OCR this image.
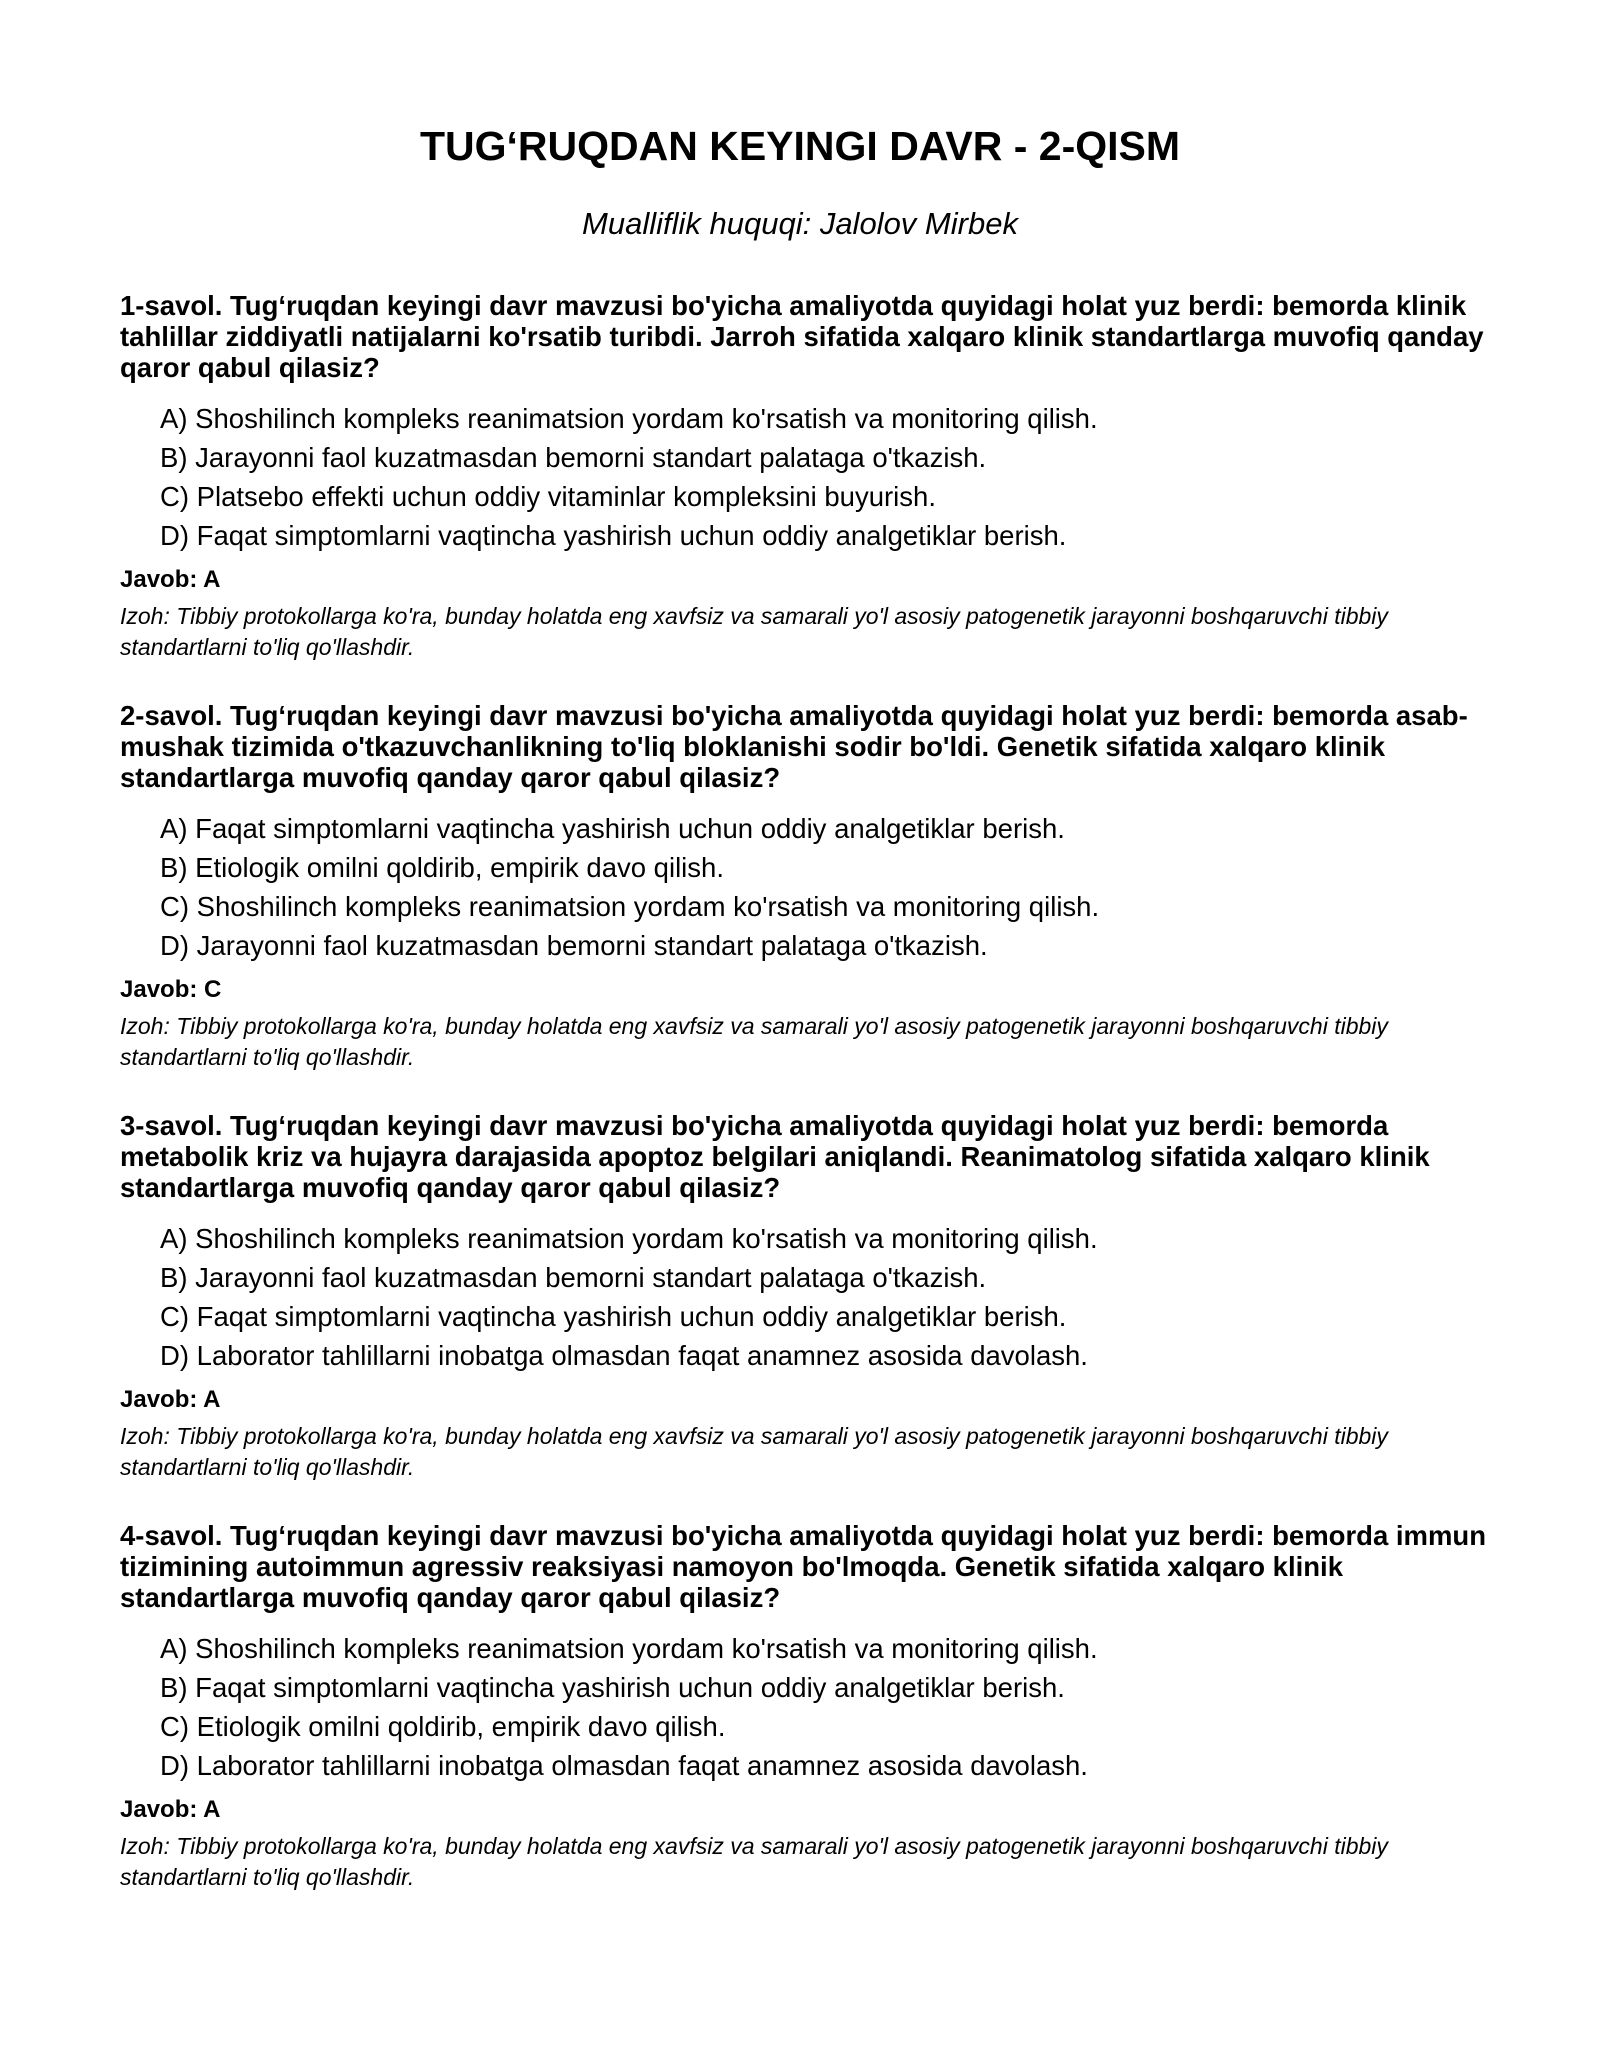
TUG‘RUQDAN KEYINGI DAVR - 2-QISM

Mualliflik huquqi: Jalolov Mirbek

1-savol. Tug‘ruqdan keyingi davr mavzusi bo'yicha amaliyotda quyidagi holat yuz berdi: bemorda klinik tahlillar ziddiyatli natijalarni ko'rsatib turibdi. Jarroh sifatida xalqaro klinik standartlarga muvofiq qanday qaror qabul qilasiz?

A) Shoshilinch kompleks reanimatsion yordam ko'rsatish va monitoring qilish.
B) Jarayonni faol kuzatmasdan bemorni standart palataga o'tkazish.
C) Platsebo effekti uchun oddiy vitaminlar kompleksini buyurish.
D) Faqat simptomlarni vaqtincha yashirish uchun oddiy analgetiklar berish.

Javob: A

Izoh: Tibbiy protokollarga ko'ra, bunday holatda eng xavfsiz va samarali yo'l asosiy patogenetik jarayonni boshqaruvchi tibbiy standartlarni to'liq qo'llashdir.

2-savol. Tug‘ruqdan keyingi davr mavzusi bo'yicha amaliyotda quyidagi holat yuz berdi: bemorda asab-mushak tizimida o'tkazuvchanlikning to'liq bloklanishi sodir bo'ldi. Genetik sifatida xalqaro klinik standartlarga muvofiq qanday qaror qabul qilasiz?

A) Faqat simptomlarni vaqtincha yashirish uchun oddiy analgetiklar berish.
B) Etiologik omilni qoldirib, empirik davo qilish.
C) Shoshilinch kompleks reanimatsion yordam ko'rsatish va monitoring qilish.
D) Jarayonni faol kuzatmasdan bemorni standart palataga o'tkazish.

Javob: C

Izoh: Tibbiy protokollarga ko'ra, bunday holatda eng xavfsiz va samarali yo'l asosiy patogenetik jarayonni boshqaruvchi tibbiy standartlarni to'liq qo'llashdir.

3-savol. Tug‘ruqdan keyingi davr mavzusi bo'yicha amaliyotda quyidagi holat yuz berdi: bemorda metabolik kriz va hujayra darajasida apoptoz belgilari aniqlandi. Reanimatolog sifatida xalqaro klinik standartlarga muvofiq qanday qaror qabul qilasiz?

A) Shoshilinch kompleks reanimatsion yordam ko'rsatish va monitoring qilish.
B) Jarayonni faol kuzatmasdan bemorni standart palataga o'tkazish.
C) Faqat simptomlarni vaqtincha yashirish uchun oddiy analgetiklar berish.
D) Laborator tahlillarni inobatga olmasdan faqat anamnez asosida davolash.

Javob: A

Izoh: Tibbiy protokollarga ko'ra, bunday holatda eng xavfsiz va samarali yo'l asosiy patogenetik jarayonni boshqaruvchi tibbiy standartlarni to'liq qo'llashdir.

4-savol. Tug‘ruqdan keyingi davr mavzusi bo'yicha amaliyotda quyidagi holat yuz berdi: bemorda immun tizimining autoimmun agressiv reaksiyasi namoyon bo'lmoqda. Genetik sifatida xalqaro klinik standartlarga muvofiq qanday qaror qabul qilasiz?

A) Shoshilinch kompleks reanimatsion yordam ko'rsatish va monitoring qilish.
B) Faqat simptomlarni vaqtincha yashirish uchun oddiy analgetiklar berish.
C) Etiologik omilni qoldirib, empirik davo qilish.
D) Laborator tahlillarni inobatga olmasdan faqat anamnez asosida davolash.

Javob: A

Izoh: Tibbiy protokollarga ko'ra, bunday holatda eng xavfsiz va samarali yo'l asosiy patogenetik jarayonni boshqaruvchi tibbiy standartlarni to'liq qo'llashdir.
